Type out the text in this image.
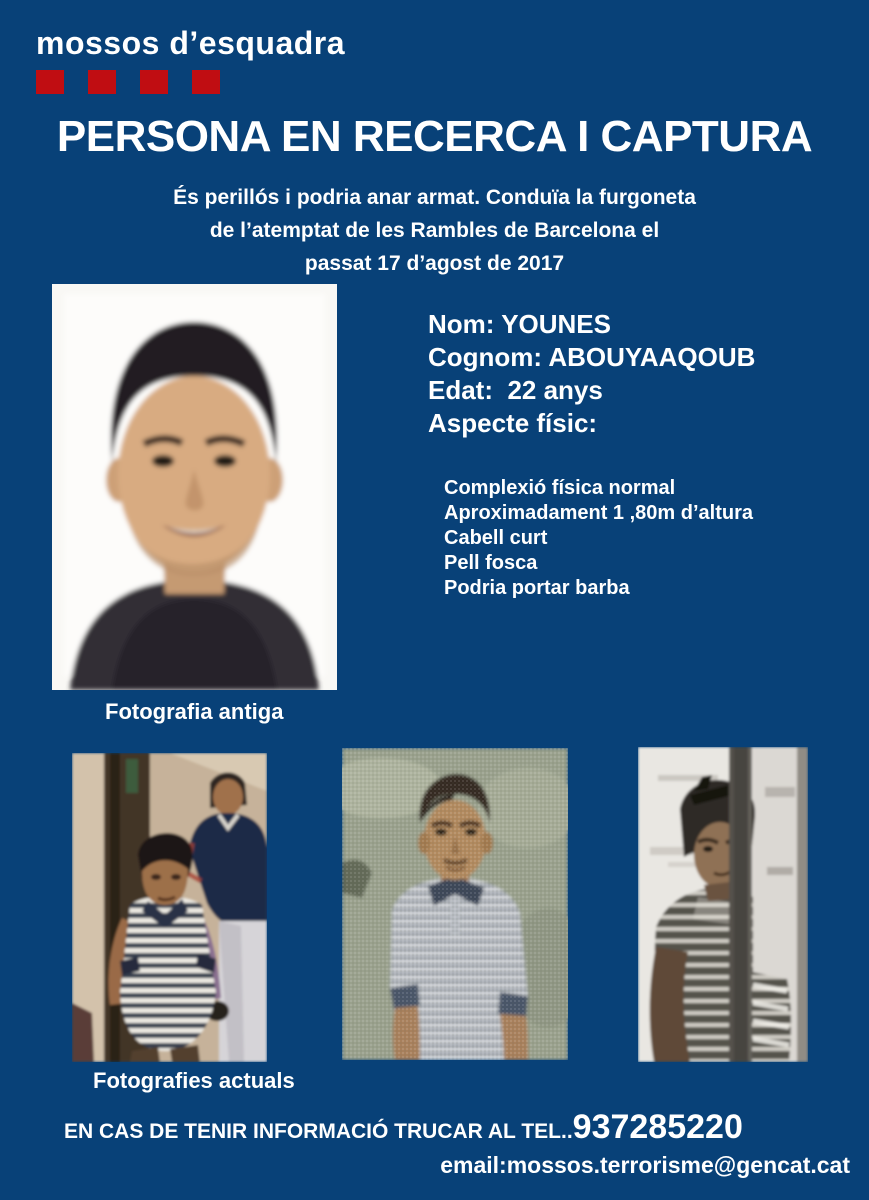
mossos d’esquadra
PERSONA EN RECERCA I CAPTURA
És perillós i podria anar armat. Conduïa la furgoneta
de l’atemptat de les Rambles de Barcelona el
passat 17 d’agost de 2017
Nom: YOUNES
Cognom: ABOUYAAQOUB
Edat:  22 anys
Aspecte físic:
Complexió física normal
Aproximadament 1 ,80m d’altura
Cabell curt
Pell fosca
Podria portar barba
Fotografia antiga
Fotografies actuals
EN CAS DE TENIR INFORMACIÓ TRUCAR AL TEL.. 937285220
email:mossos.terrorisme@gencat.cat
